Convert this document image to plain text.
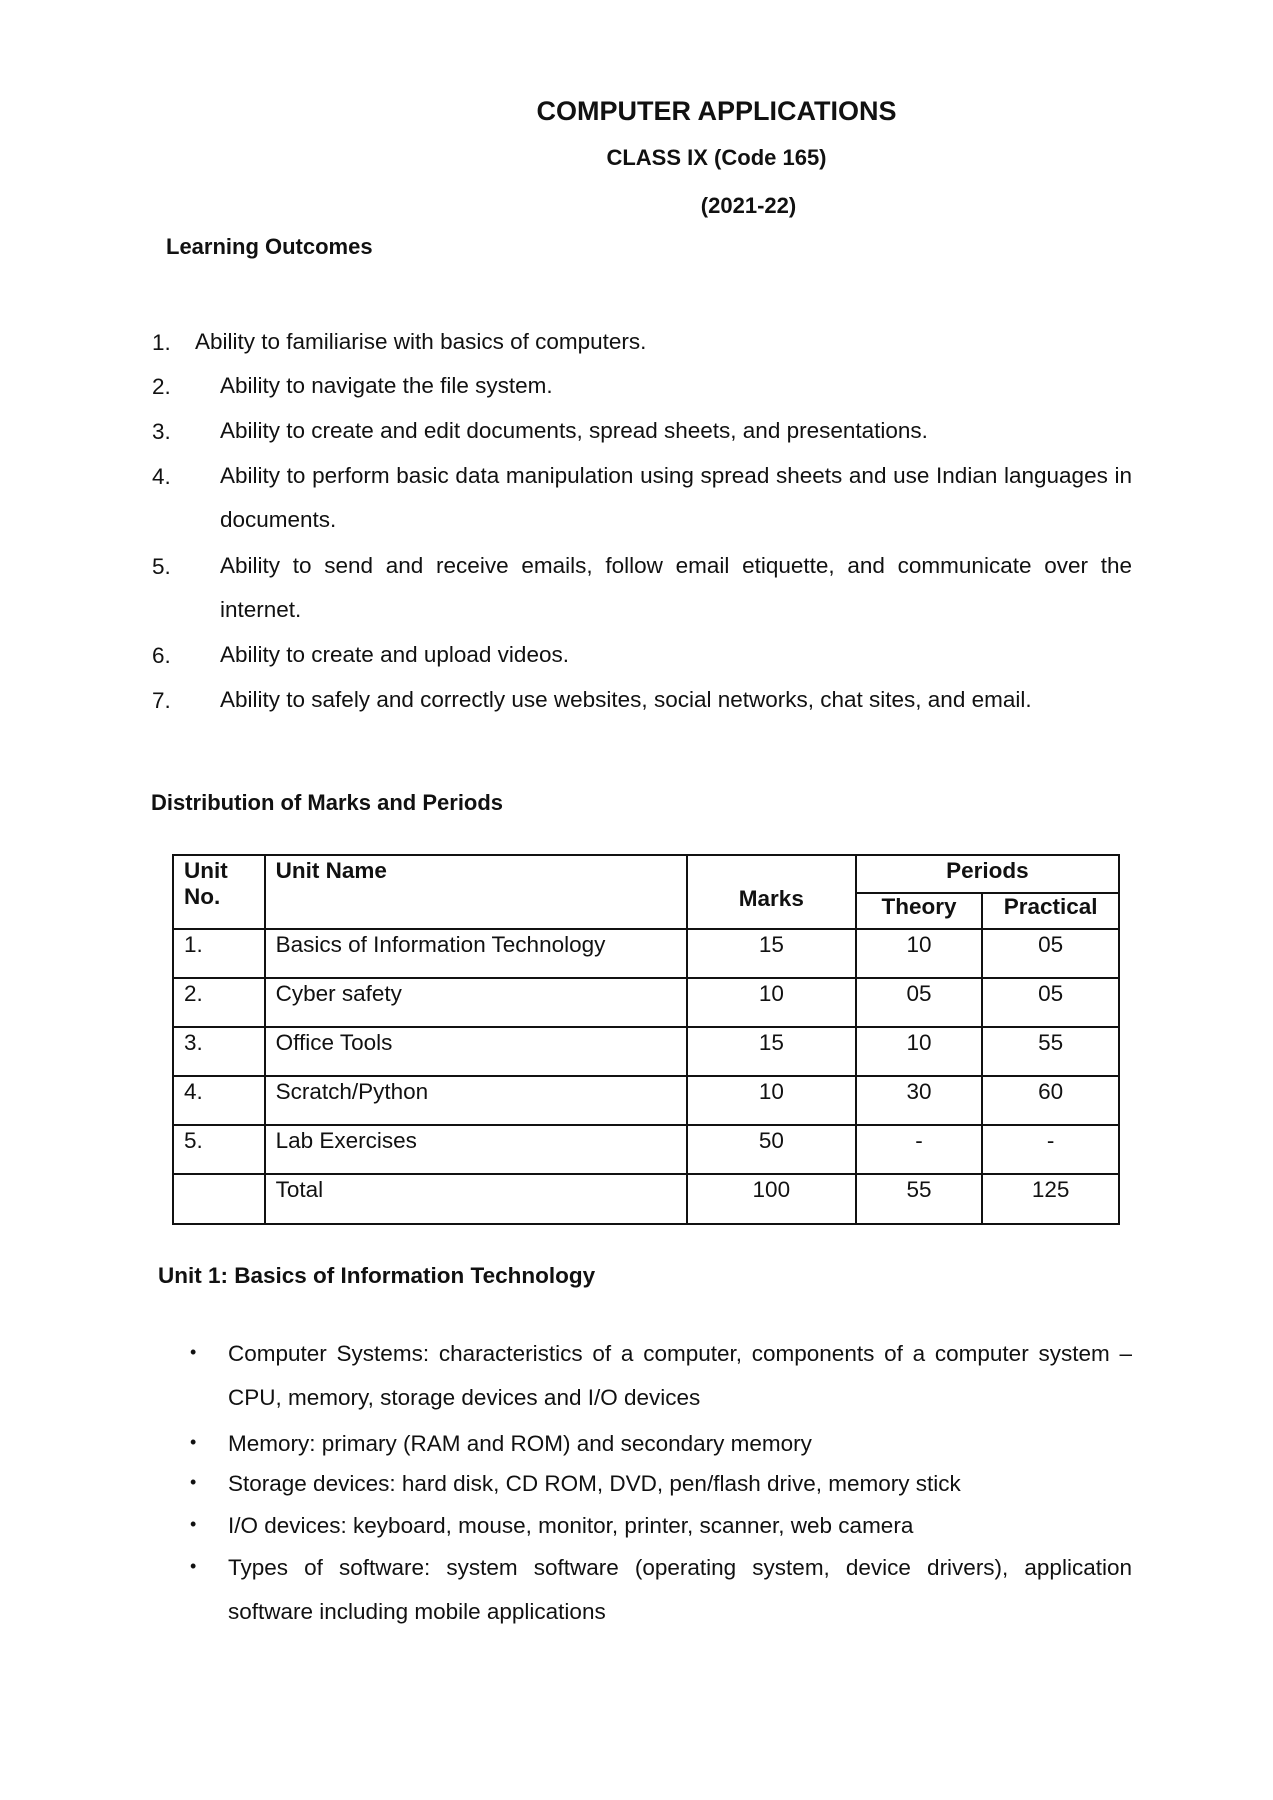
COMPUTER APPLICATIONS
CLASS IX (Code 165)
(2021-22)
Learning Outcomes
1. Ability to familiarise with basics of computers.
2. Ability to navigate the file system.
3. Ability to create and edit documents, spread sheets, and presentations.
4. Ability to perform basic data manipulation using spread sheets and use Indian languages in documents.
5. Ability to send and receive emails, follow email etiquette, and communicate over the internet.
6. Ability to create and upload videos.
7. Ability to safely and correctly use websites, social networks, chat sites, and email.
Distribution of Marks and Periods
Unit
No.	Unit Name	Marks	Periods	
			Theory	Practical
1.	Basics of Information Technology	15	10	05
2.	Cyber safety	10	05	05
3.	Office Tools	15	10	55
4.	Scratch/Python	10	30	60
5.	Lab Exercises	50	-	-
	Total	100	55	125
Unit 1: Basics of Information Technology
• Computer Systems: characteristics of a computer, components of a computer system – CPU, memory, storage devices and I/O devices
• Memory: primary (RAM and ROM) and secondary memory
• Storage devices: hard disk, CD ROM, DVD, pen/flash drive, memory stick
• I/O devices: keyboard, mouse, monitor, printer, scanner, web camera
• Types of software: system software (operating system, device drivers), application software including mobile applications
